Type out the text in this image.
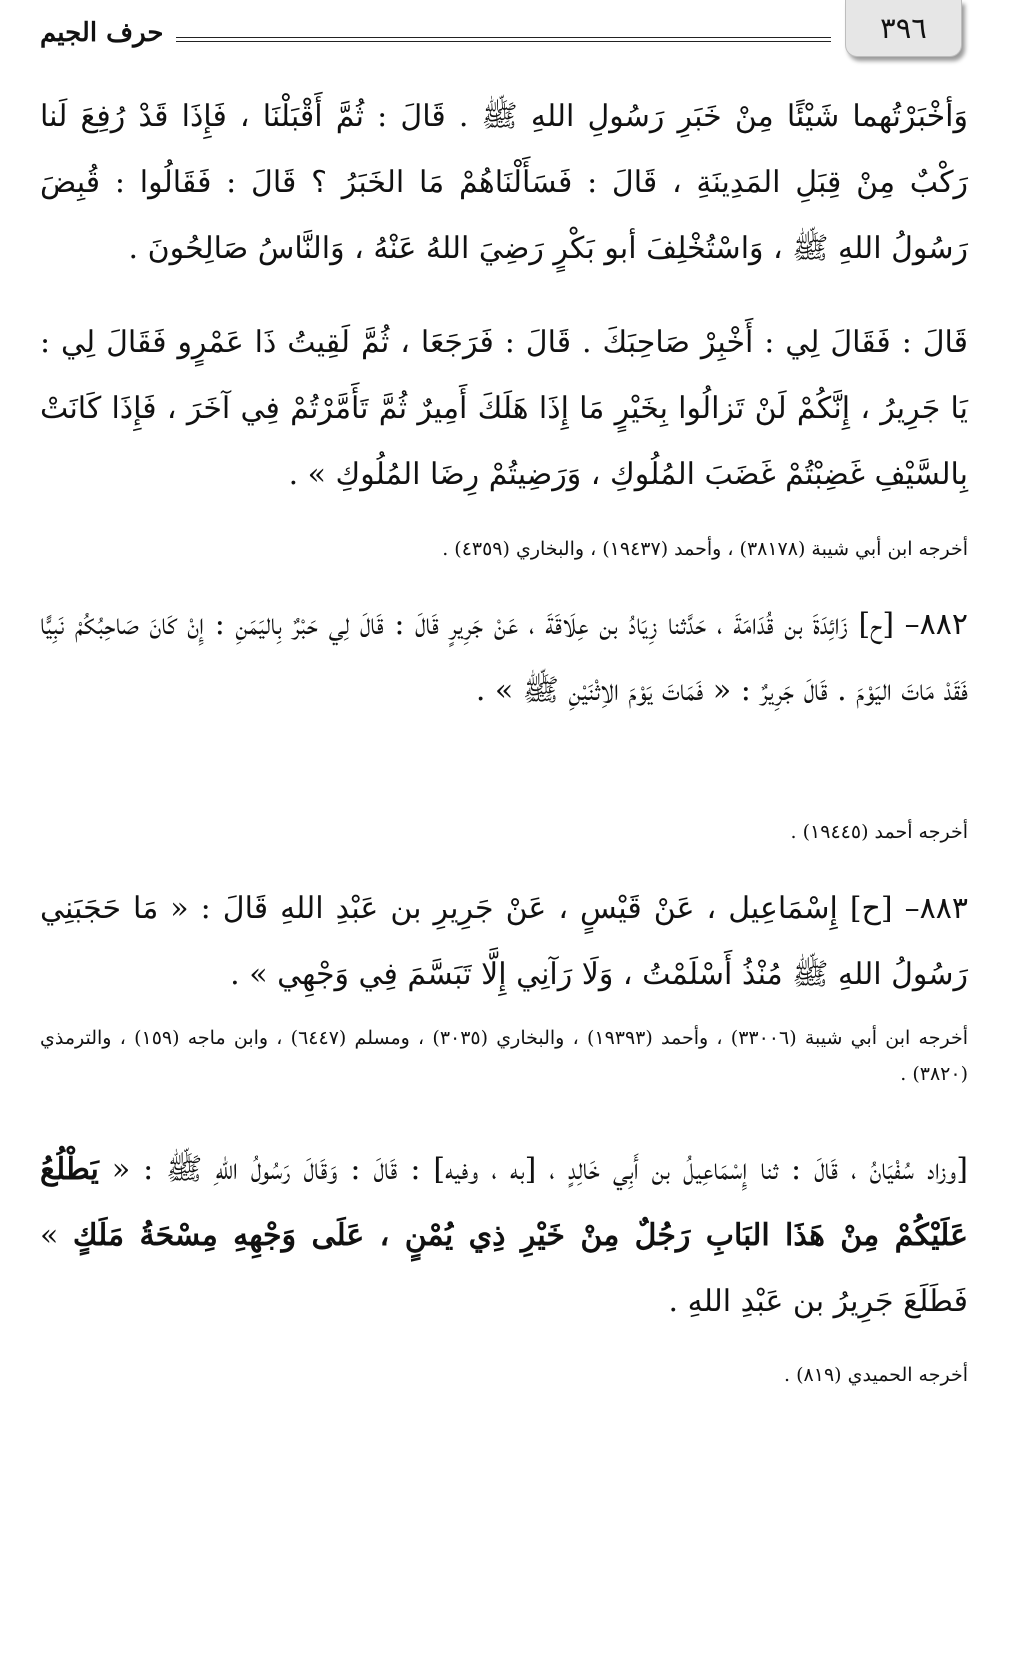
٣٩٦
حرف الجيم

وَأخْبَرْتُهما شَيْئًا مِنْ خَبَرِ رَسُولِ اللهِ ﷺ . قَالَ : ثُمَّ أَقْبَلْنَا ، فَإِذَا قَدْ رُفِعَ لَنا رَكْبٌ مِنْ قِبَلِ المَدِينَةِ ، قَالَ : فَسَأَلْنَاهُمْ مَا الخَبَرُ ؟ قَالَ : فَقَالُوا : قُبِضَ رَسُولُ اللهِ ﷺ ، وَاسْتُخْلِفَ أبو بَكْرٍ رَضِيَ اللهُ عَنْهُ ، وَالنَّاسُ صَالِحُونَ .

قَالَ : فَقَالَ لِي : أَخْبِرْ صَاحِبَكَ . قَالَ : فَرَجَعَا ، ثُمَّ لَقِيتُ ذَا عَمْرٍو فَقَالَ لِي : يَا جَرِيرُ ، إِنَّكُمْ لَنْ تَزالُوا بِخَيْرٍ مَا إِذَا هَلَكَ أَمِيرٌ ثُمَّ تَأَمَّرْتُمْ فِي آخَرَ ، فَإِذَا كَانَتْ بِالسَّيْفِ غَضِبْتُمْ غَضَبَ المُلُوكِ ، وَرَضِيتُمْ رِضَا المُلُوكِ » .

أخرجه ابن أبي شيبة (٣٨١٧٨) ، وأحمد (١٩٤٣٧) ، والبخاري (٤٣٥٩) .

٨٨٢– [ح] زَائِدَةَ بن قُدَامَةَ ، حَدَّثنا زِيَادُ بن عِلَاقَةَ ، عَنْ جَرِيرٍ قَالَ : قَالَ لِي حَبْرٌ بِاليَمَنِ : إِنْ كَانَ صَاحِبُكُمْ نَبِيًّا فَقَدْ مَاتَ اليَوْمَ . قَالَ جَرِيرٌ : « فَمَاتَ يَوْمَ الاِثْنَيْنِ ﷺ » .

أخرجه أحمد (١٩٤٤٥) .

٨٨٣– [ح] إِسْمَاعِيل ، عَنْ قَيْسٍ ، عَنْ جَرِيرِ بن عَبْدِ اللهِ قَالَ : « مَا حَجَبَنِي رَسُولُ اللهِ ﷺ مُنْذُ أَسْلَمْتُ ، وَلَا رَآنِي إِلَّا تَبَسَّمَ فِي وَجْهِي » .

أخرجه ابن أبي شيبة (٣٣٠٠٦) ، وأحمد (١٩٣٩٣) ، والبخاري (٣٠٣٥) ، ومسلم (٦٤٤٧) ، وابن ماجه (١٥٩) ، والترمذي (٣٨٢٠) .

[وزاد سُفْيَانُ ، قَالَ : ثنا إِسْمَاعِيلُ بن أَبِي خَالِدٍ ، [به ، وفيه] : قَالَ : وَقَالَ رَسُولُ اللهِ ﷺ : « يَطْلُعُ عَلَيْكُمْ مِنْ هَذَا البَابِ رَجُلٌ مِنْ خَيْرِ ذِي يُمْنٍ ، عَلَى وَجْهِهِ مِسْحَةُ مَلَكٍ » فَطَلَعَ جَرِيرُ بن عَبْدِ اللهِ .

أخرجه الحميدي (٨١٩) .
